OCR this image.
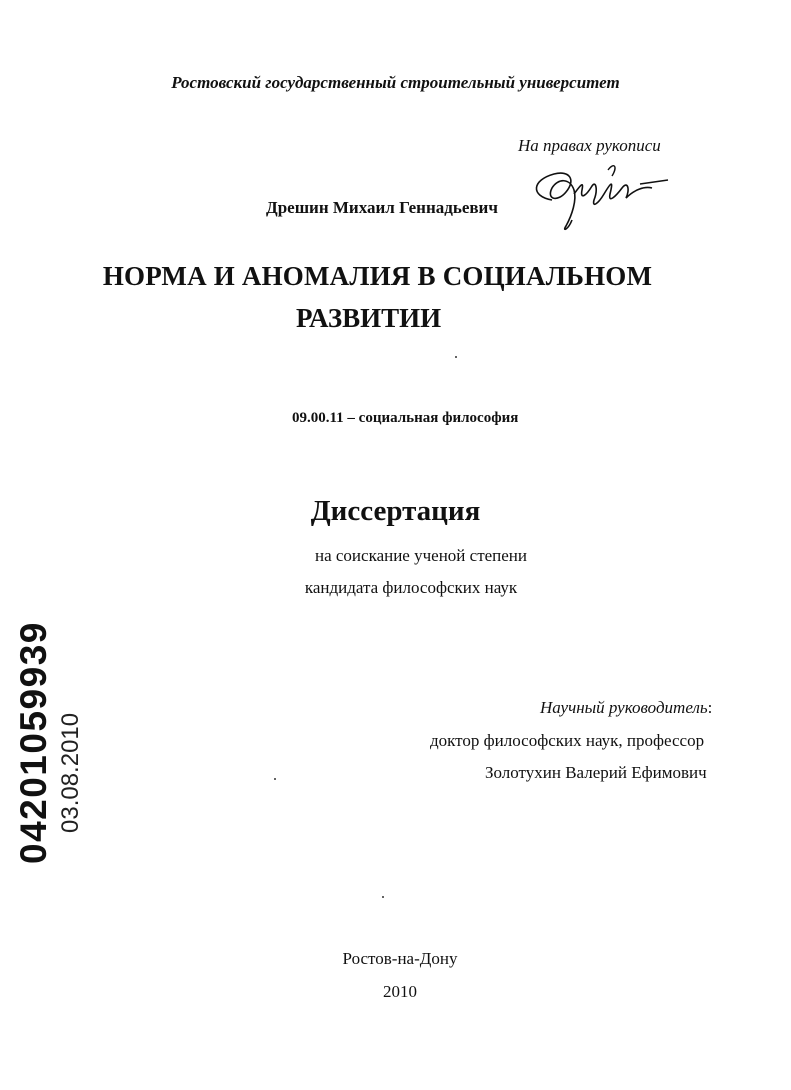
Ростовский государственный строительный университет
На правах рукописи
Дрешин Михаил Геннадьевич
НОРМА И АНОМАЛИЯ В СОЦИАЛЬНОМ
РАЗВИТИИ
09.00.11 – социальная философия
Диссертация
на соискание ученой степени
кандидата философских наук
Научный руководитель:
доктор философских наук, профессор
Золотухин Валерий Ефимович
Ростов-на-Дону
2010
04201059939 03.08.2010
